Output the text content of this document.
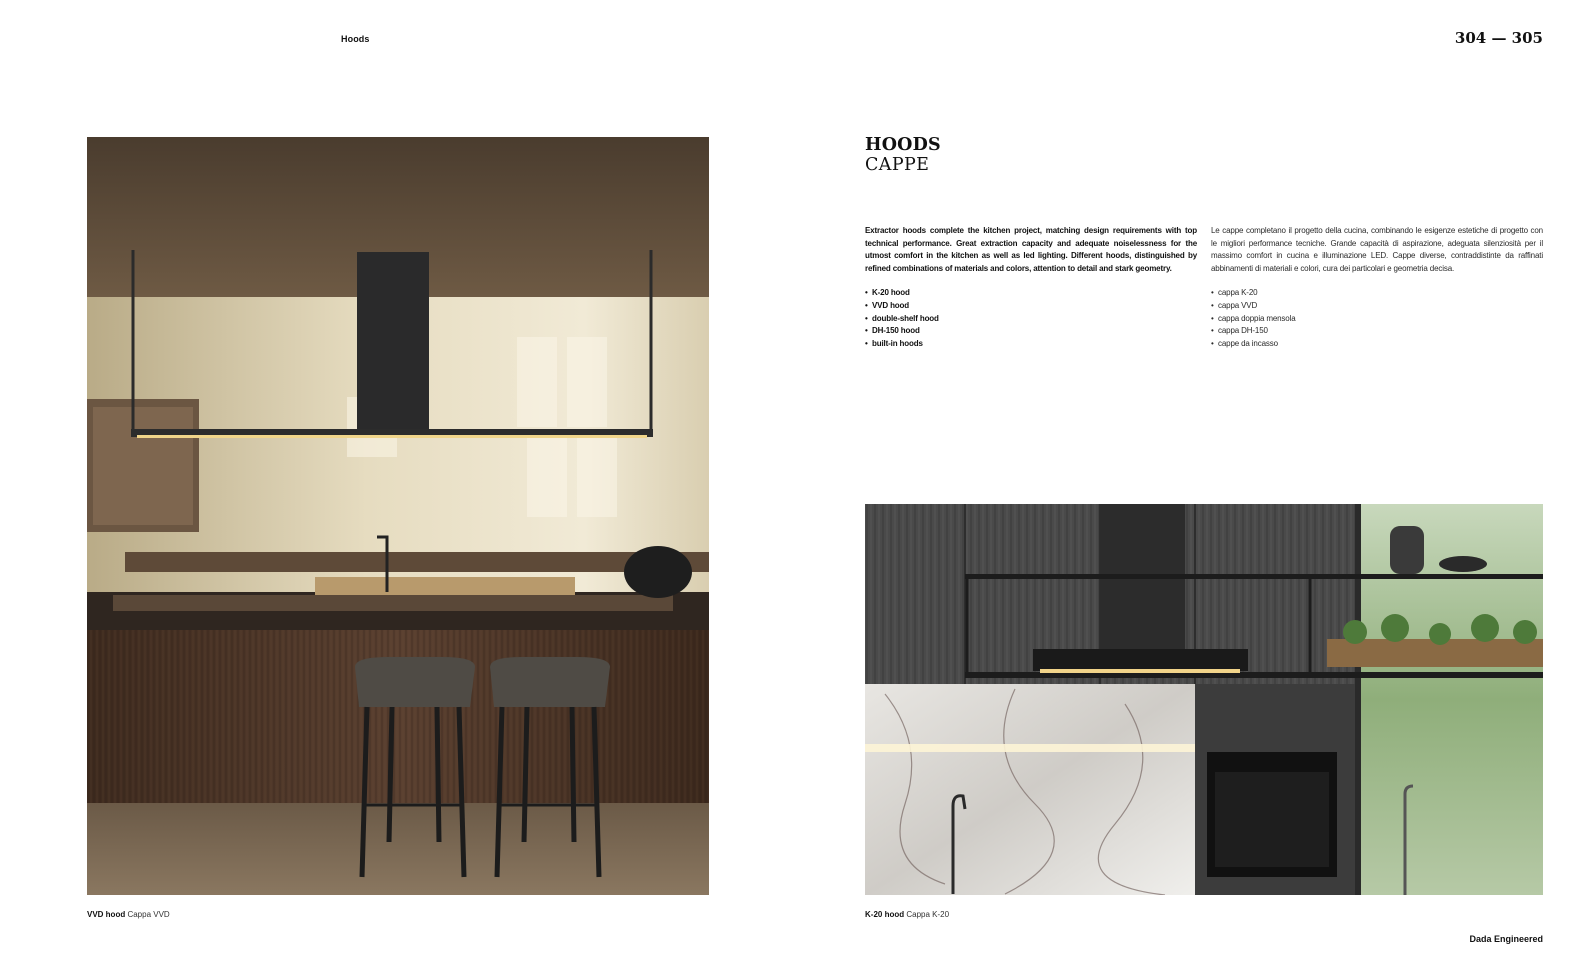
Hoods	304 — 305
VVD hood Cappa VVD	K-20 hood Cappa K-20
HOODS
CAPPE
Extractor hoods complete the kitchen project, matching design requirements with top technical performance. Great extraction capacity and adequate noiselessness for the utmost comfort in the kitchen as well as led lighting. Different hoods, distinguished by refined combinations of materials and colors, attention to detail and stark geometry.
• K-20 hood
• VVD hood
• double-shelf hood
• DH-150 hood
• built-in hoods
Le cappe completano il progetto della cucina, combinando le esigenze estetiche di progetto con le migliori performance tecniche. Grande capacità di aspirazione, adeguata silenziosità per il massimo comfort in cucina e illuminazione LED. Cappe diverse, contraddistinte da raffinati abbinamenti di materiali e colori, cura dei particolari e geometria decisa.
• cappa K-20
• cappa VVD
• cappa doppia mensola
• cappa DH-150
• cappe da incasso
Dada Engineered
